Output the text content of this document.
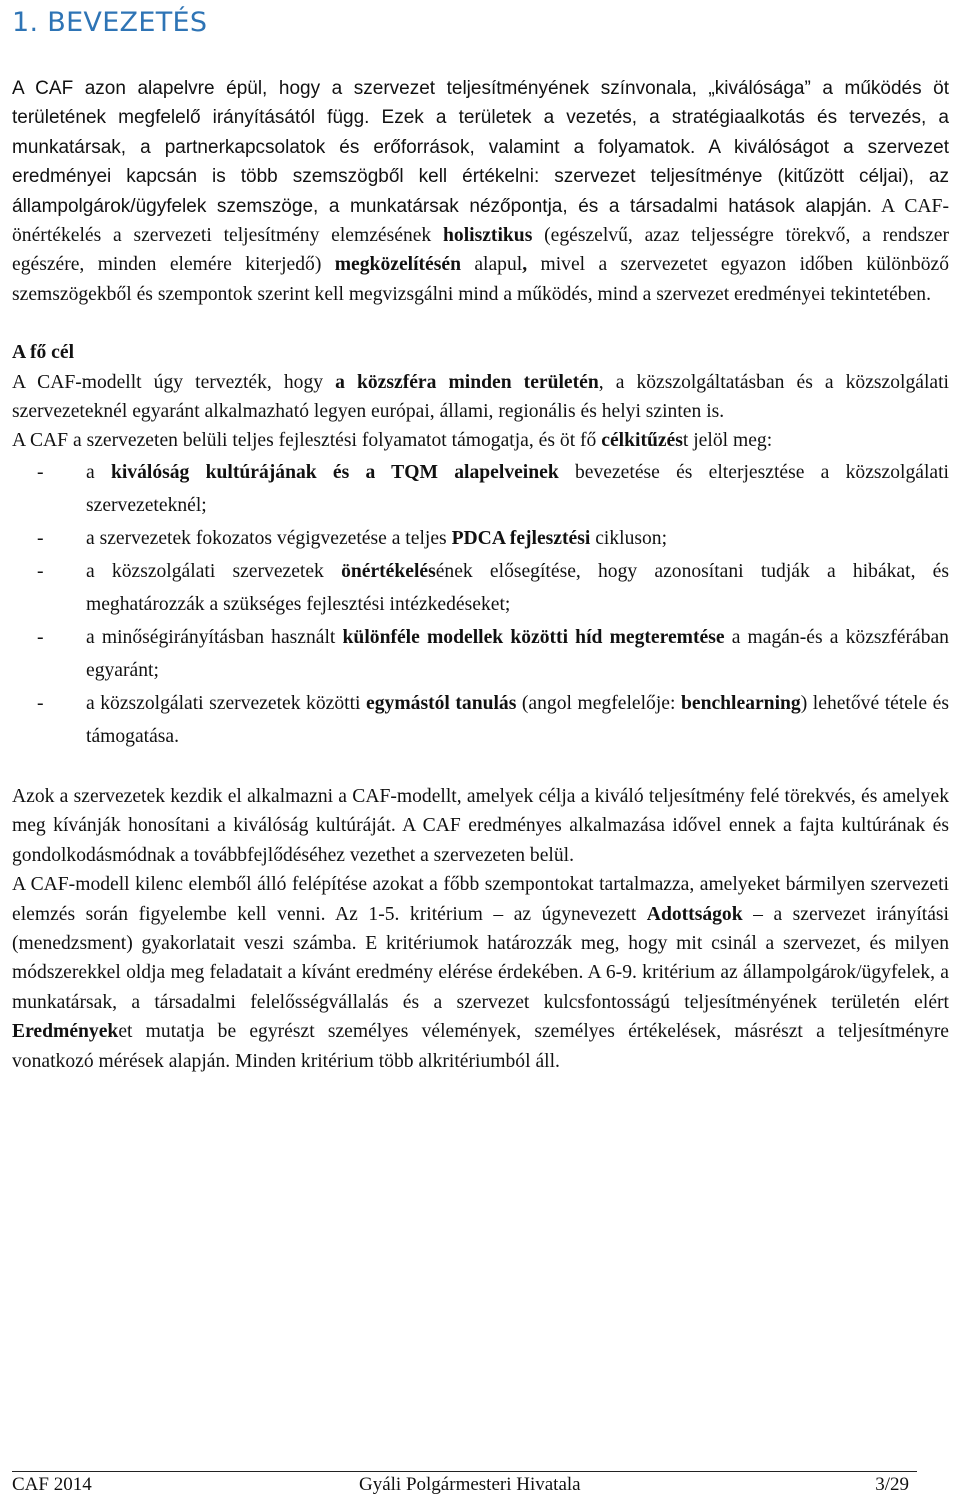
1. BEVEZETÉS

A CAF azon alapelvre épül, hogy a szervezet teljesítményének színvonala, „kiválósága” a működés öt területének megfelelő irányításától függ. Ezek a területek a vezetés, a stratégiaalkotás és tervezés, a munkatársak, a partnerkapcsolatok és erőforrások, valamint a folyamatok. A kiválóságot a szervezet eredményei kapcsán is több szemszögből kell értékelni: szervezet teljesítménye (kitűzött céljai), az állampolgárok/ügyfelek szemszöge, a munkatársak nézőpontja, és a társadalmi hatások alapján. A CAF-önértékelés a szervezeti teljesítmény elemzésének holisztikus (egészelvű, azaz teljességre törekvő, a rendszer egészére, minden elemére kiterjedő) megközelítésén alapul, mivel a szervezetet egyazon időben különböző szemszögekből és szempontok szerint kell megvizsgálni mind a működés, mind a szervezet eredményei tekintetében.

A fő cél

A CAF-modellt úgy tervezték, hogy a közszféra minden területén, a közszolgáltatásban és a közszolgálati szervezeteknél egyaránt alkalmazható legyen európai, állami, regionális és helyi szinten is.

A CAF a szervezeten belüli teljes fejlesztési folyamatot támogatja, és öt fő célkitűzést jelöl meg:

- a kiválóság kultúrájának és a TQM alapelveinek bevezetése és elterjesztése a közszolgálati szervezeteknél;
- a szervezetek fokozatos végigvezetése a teljes PDCA fejlesztési cikluson;
- a közszolgálati szervezetek önértékelésének elősegítése, hogy azonosítani tudják a hibákat, és meghatározzák a szükséges fejlesztési intézkedéseket;
- a minőségirányításban használt különféle modellek közötti híd megteremtése a magán-és a közszférában egyaránt;
- a közszolgálati szervezetek közötti egymástól tanulás (angol megfelelője: benchlearning) lehetővé tétele és támogatása.

Azok a szervezetek kezdik el alkalmazni a CAF-modellt, amelyek célja a kiváló teljesítmény felé törekvés, és amelyek meg kívánják honosítani a kiválóság kultúráját. A CAF eredményes alkalmazása idővel ennek a fajta kultúrának és gondolkodásmódnak a továbbfejlődéséhez vezethet a szervezeten belül.

A CAF-modell kilenc elemből álló felépítése azokat a főbb szempontokat tartalmazza, amelyeket bármilyen szervezeti elemzés során figyelembe kell venni. Az 1-5. kritérium – az úgynevezett Adottságok – a szervezet irányítási (menedzsment) gyakorlatait veszi számba. E kritériumok határozzák meg, hogy mit csinál a szervezet, és milyen módszerekkel oldja meg feladatait a kívánt eredmény elérése érdekében. A 6-9. kritérium az állampolgárok/ügyfelek, a munkatársak, a társadalmi felelősségvállalás és a szervezet kulcsfontosságú teljesítményének területén elért Eredményeket mutatja be egyrészt személyes vélemények, személyes értékelések, másrészt a teljesítményre vonatkozó mérések alapján. Minden kritérium több alkritériumból áll.

CAF 2014	Gyáli Polgármesteri Hivatala	3/29
